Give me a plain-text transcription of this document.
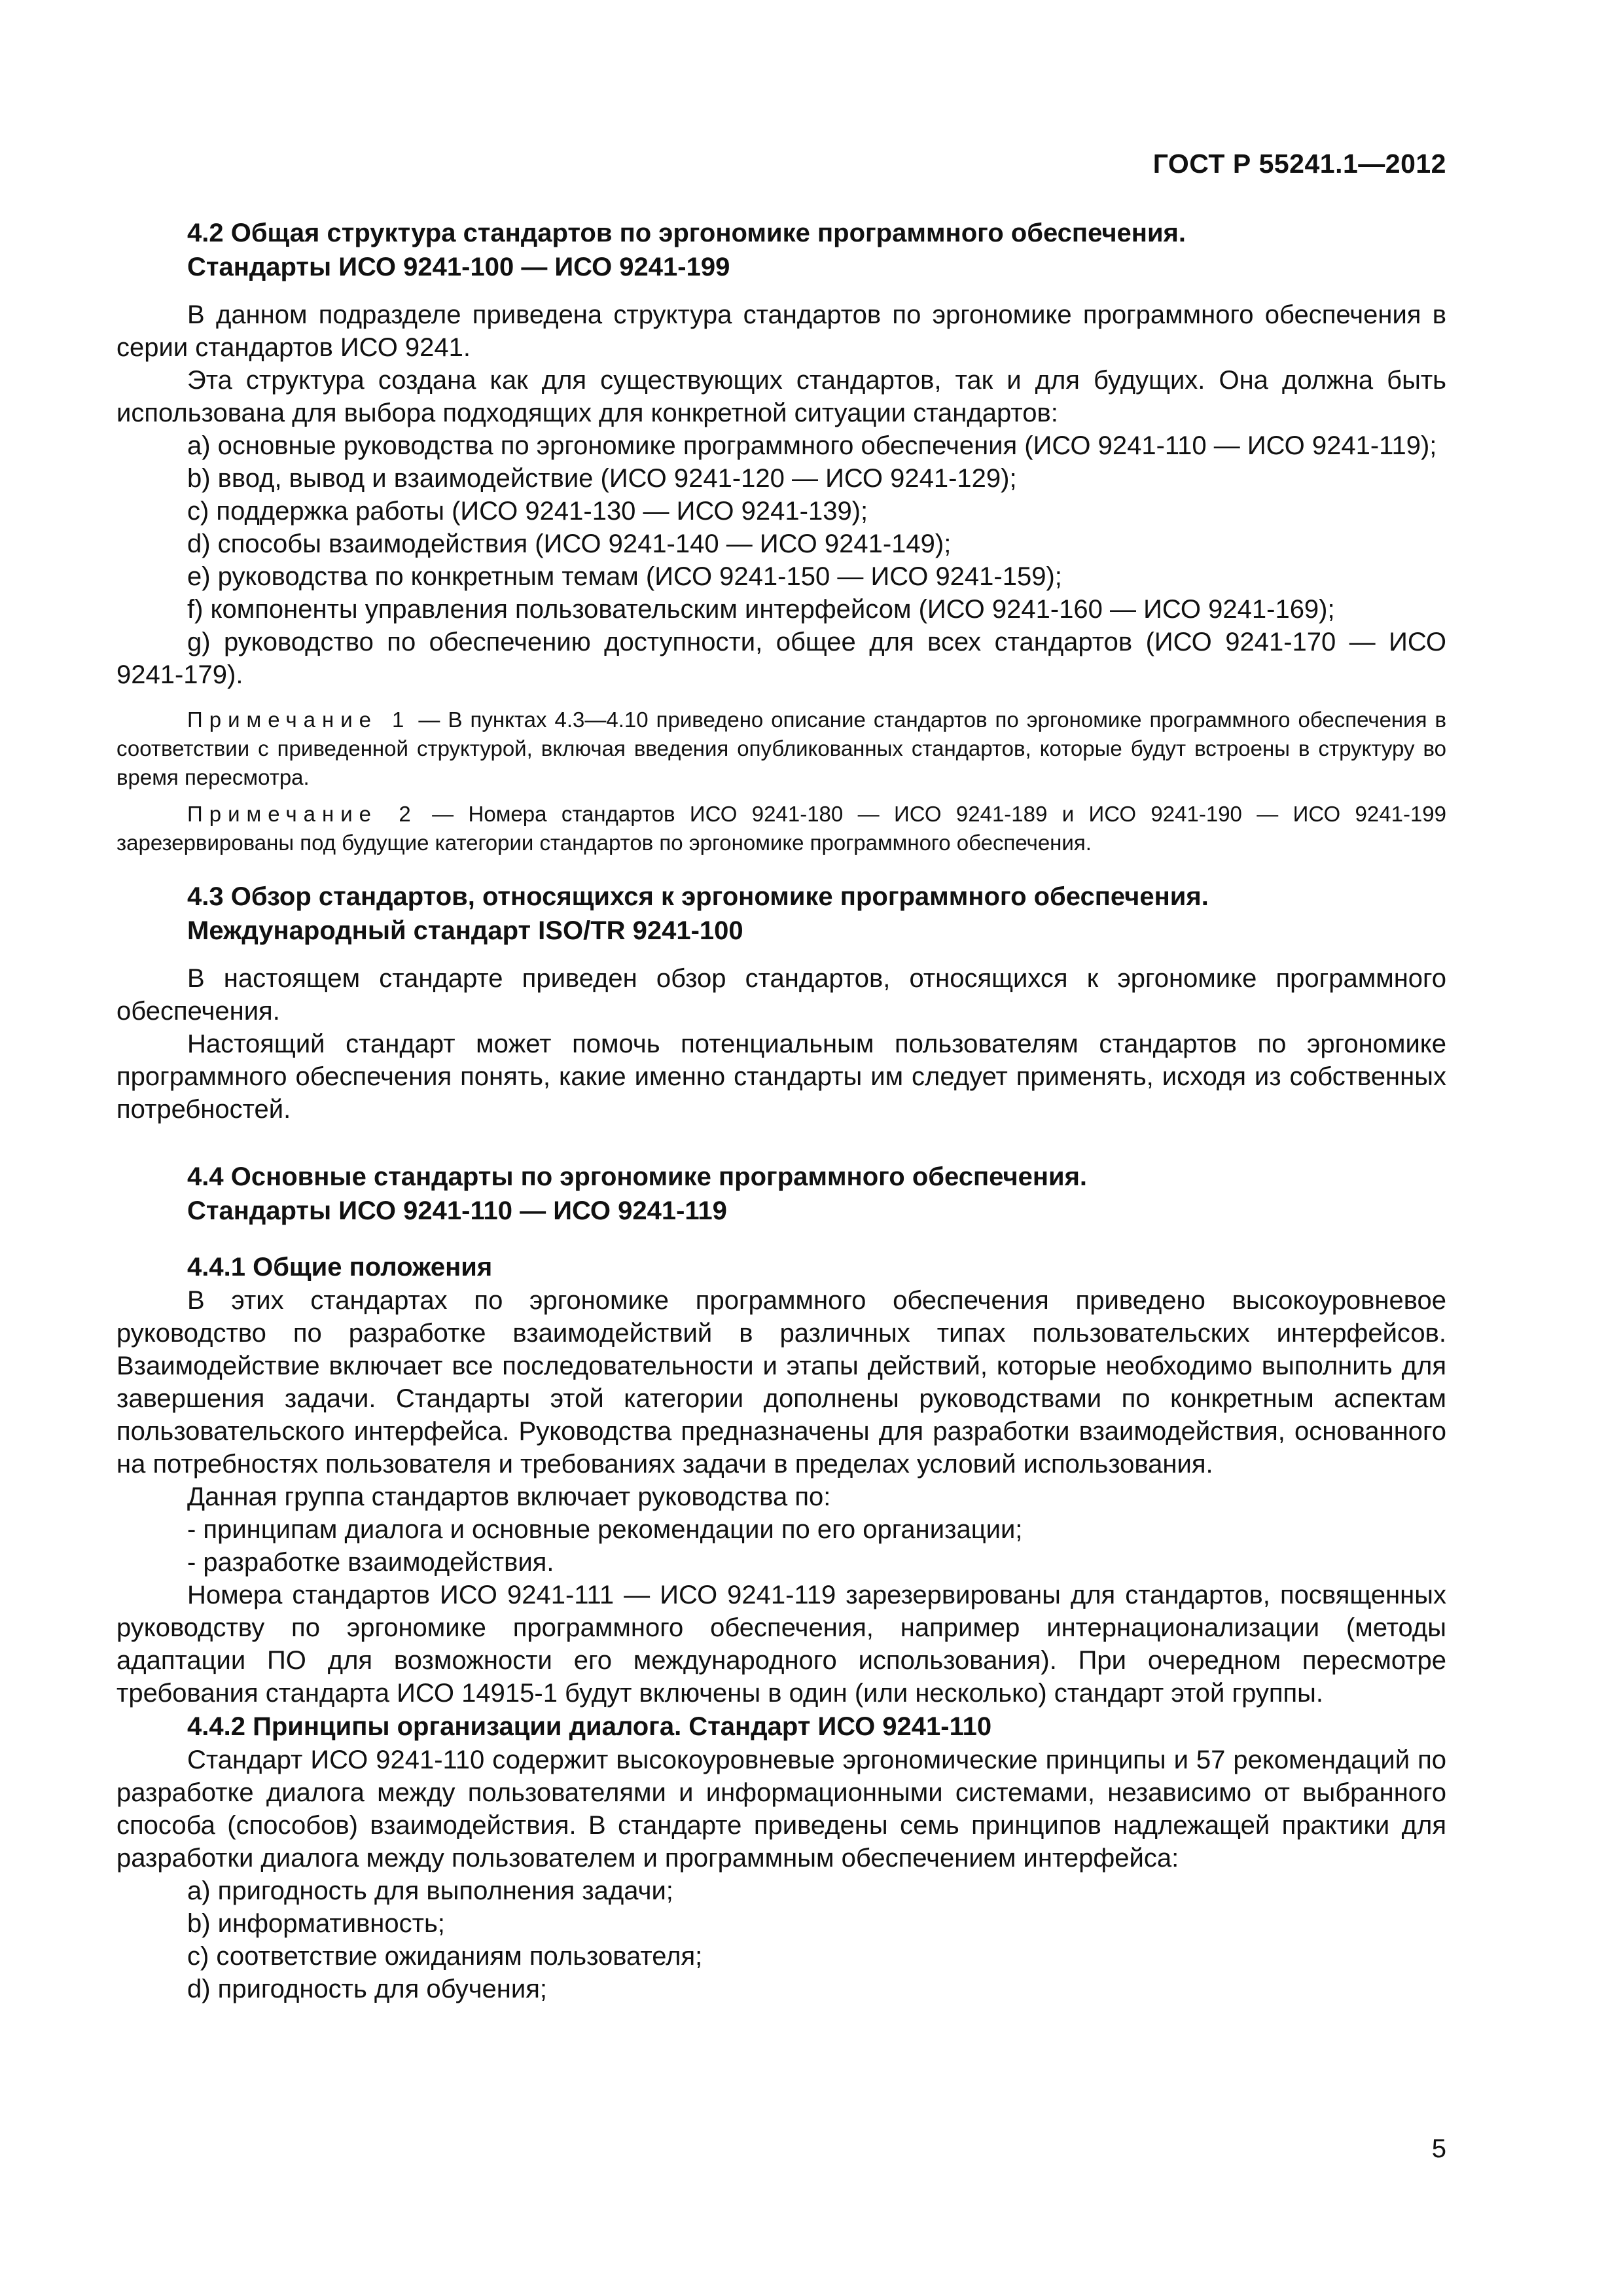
ГОСТ Р 55241.1—2012
4.2 Общая структура стандартов по эргономике программного обеспечения.
Стандарты ИСО 9241-100 — ИСО 9241-199

В данном подразделе приведена структура стандартов по эргономике программного обеспечения в серии стандартов ИСО 9241.

Эта структура создана как для существующих стандартов, так и для будущих. Она должна быть использована для выбора подходящих для конкретной ситуации стандартов:

a) основные руководства по эргономике программного обеспечения (ИСО 9241-110 — ИСО 9241-119);
b) ввод, вывод и взаимодействие (ИСО 9241-120 — ИСО 9241-129);
c) поддержка работы (ИСО 9241-130 — ИСО 9241-139);
d) способы взаимодействия (ИСО 9241-140 — ИСО 9241-149);
e) руководства по конкретным темам (ИСО 9241-150 — ИСО 9241-159);
f) компоненты управления пользовательским интерфейсом (ИСО 9241-160 — ИСО 9241-169);

g) руководство по обеспечению доступности, общее для всех стандартов (ИСО 9241-170 — ИСО 9241-179).

Примечание 1 — В пунктах 4.3—4.10 приведено описание стандартов по эргономике программного обеспечения в соответствии с приведенной структурой, включая введения опубликованных стандартов, которые будут встроены в структуру во время пересмотра.

Примечание 2 — Номера стандартов ИСО 9241-180 — ИСО 9241-189 и ИСО 9241-190 — ИСО 9241-199 зарезервированы под будущие категории стандартов по эргономике программного обеспечения.

4.3 Обзор стандартов, относящихся к эргономике программного обеспечения.
Международный стандарт ISO/TR 9241-100

В настоящем стандарте приведен обзор стандартов, относящихся к эргономике программного обеспечения.

Настоящий стандарт может помочь потенциальным пользователям стандартов по эргономике программного обеспечения понять, какие именно стандарты им следует применять, исходя из собственных потребностей.

4.4 Основные стандарты по эргономике программного обеспечения.
Стандарты ИСО 9241-110 — ИСО 9241-119
4.4.1 Общие положения

В этих стандартах по эргономике программного обеспечения приведено высокоуровневое руководство по разработке взаимодействий в различных типах пользовательских интерфейсов. Взаимодействие включает все последовательности и этапы действий, которые необходимо выполнить для завершения задачи. Стандарты этой категории дополнены руководствами по конкретным аспектам пользовательского интерфейса. Руководства предназначены для разработки взаимодействия, основанного на потребностях пользователя и требованиях задачи в пределах условий использования.

Данная группа стандартов включает руководства по:

- принципам диалога и основные рекомендации по его организации;
- разработке взаимодействия.

Номера стандартов ИСО 9241-111 — ИСО 9241-119 зарезервированы для стандартов, посвященных руководству по эргономике программного обеспечения, например интернационализации (методы адаптации ПО для возможности его международного использования). При очередном пересмотре требования стандарта ИСО 14915-1 будут включены в один (или несколько) стандарт этой группы.

4.4.2 Принципы организации диалога. Стандарт ИСО 9241-110

Стандарт ИСО 9241-110 содержит высокоуровневые эргономические принципы и 57 рекомендаций по разработке диалога между пользователями и информационными системами, независимо от выбранного способа (способов) взаимодействия. В стандарте приведены семь принципов надлежащей практики для разработки диалога между пользователем и программным обеспечением интерфейса:

a) пригодность для выполнения задачи;
b) информативность;
c) соответствие ожиданиям пользователя;
d) пригодность для обучения;
5
